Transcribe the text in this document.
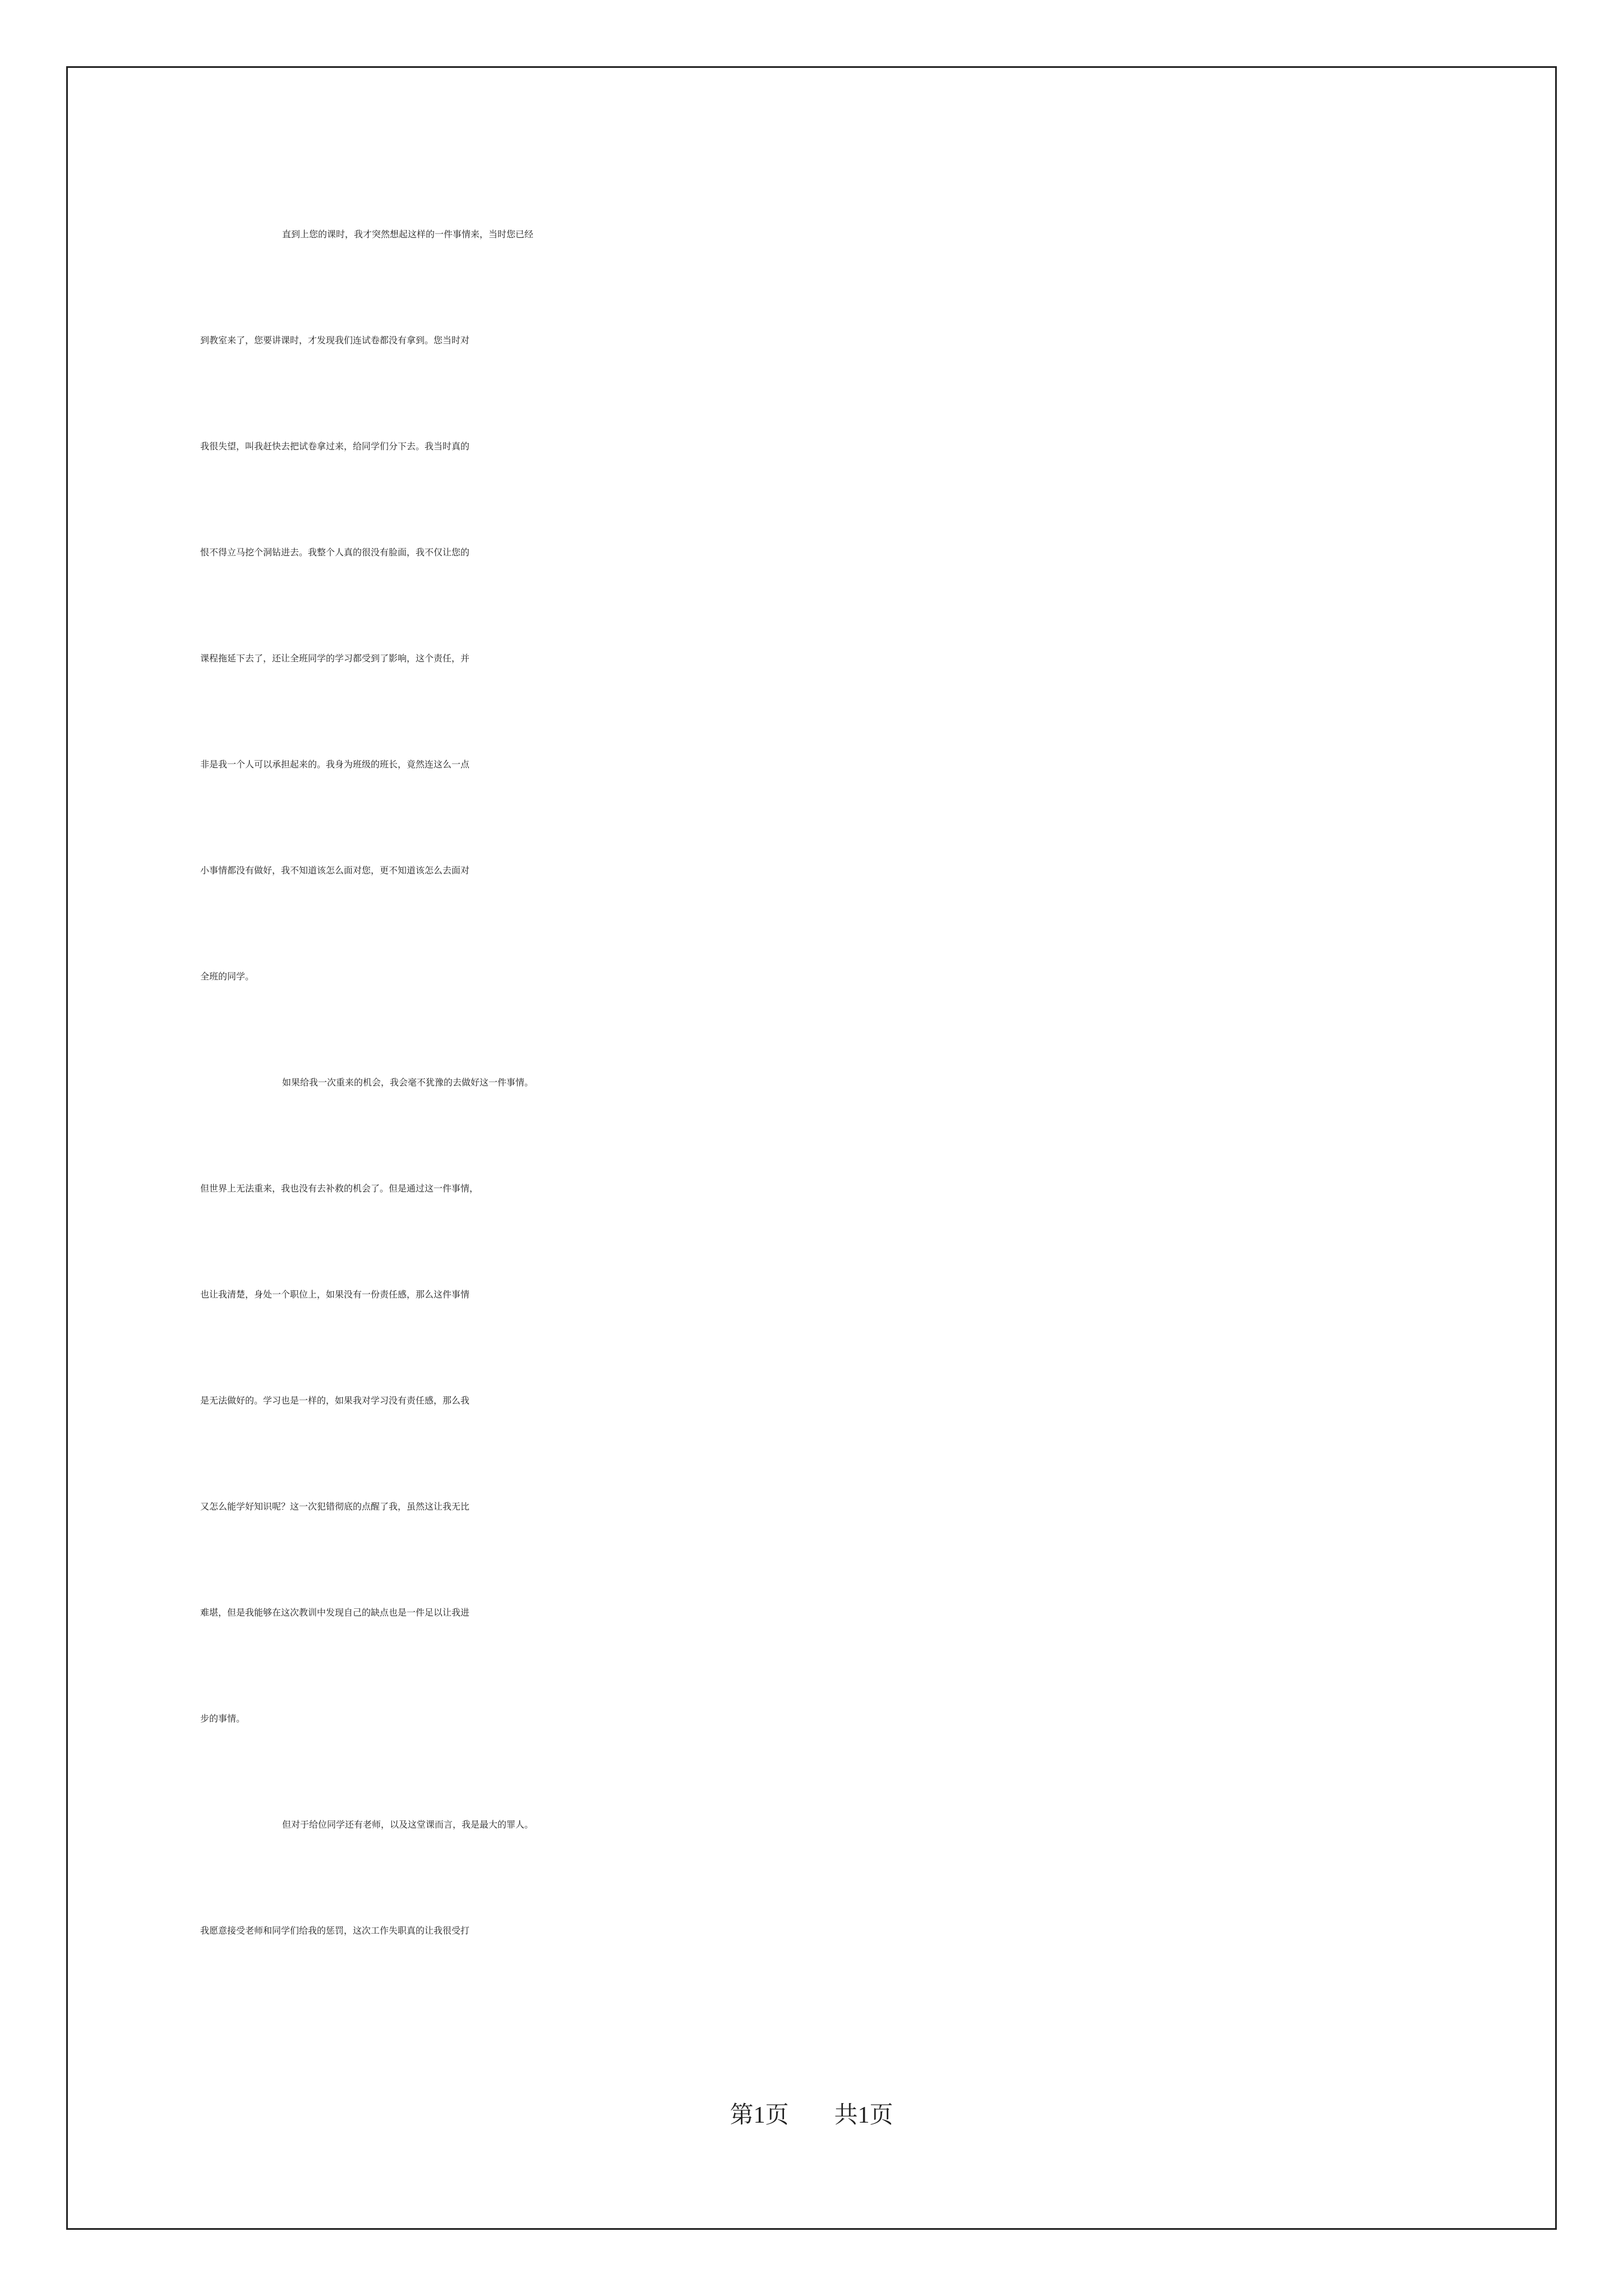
直到上您的课时，我才突然想起这样的一件事情来，当时您已经
到教室来了，您要讲课时，才发现我们连试卷都没有拿到。您当时对
我很失望，叫我赶快去把试卷拿过来，给同学们分下去。我当时真的
恨不得立马挖个洞钻进去。我整个人真的很没有脸面，我不仅让您的
课程拖延下去了，还让全班同学的学习都受到了影响，这个责任，并
非是我一个人可以承担起来的。我身为班级的班长，竟然连这么一点
小事情都没有做好，我不知道该怎么面对您，更不知道该怎么去面对
全班的同学。
如果给我一次重来的机会，我会毫不犹豫的去做好这一件事情。
但世界上无法重来，我也没有去补救的机会了。但是通过这一件事情，
也让我清楚，身处一个职位上，如果没有一份责任感，那么这件事情
是无法做好的。学习也是一样的，如果我对学习没有责任感，那么我
又怎么能学好知识呢？这一次犯错彻底的点醒了我，虽然这让我无比
难堪，但是我能够在这次教训中发现自己的缺点也是一件足以让我进
步的事情。
但对于给位同学还有老师，以及这堂课而言，我是最大的罪人。
我愿意接受老师和同学们给我的惩罚，这次工作失职真的让我很受打
第1页 共1页
